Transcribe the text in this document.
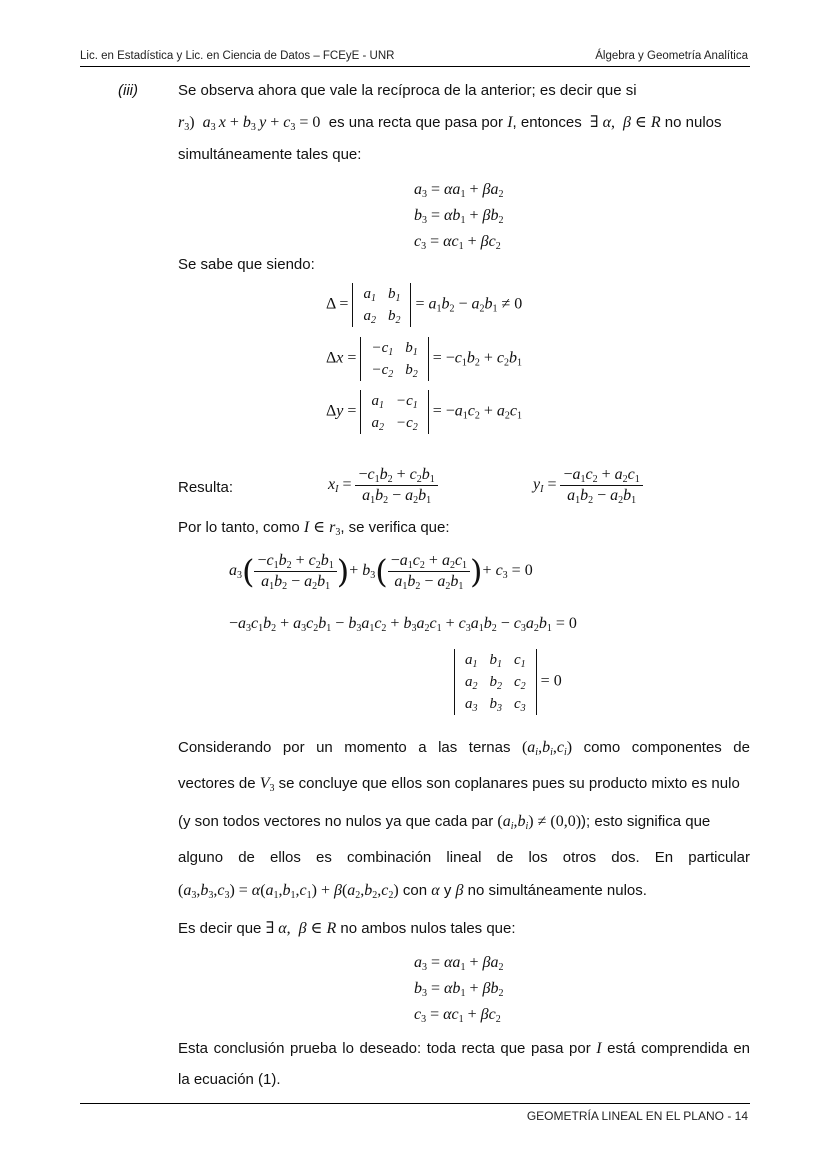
Lic. en Estadística y Lic. en Ciencia de Datos – FCEyE - UNR	Álgebra y Geometría Analítica
(iii)	Se observa ahora que vale la recíproca de la anterior; es decir que si
$r_3$)  $a_3$  $x + b_3$  $y + c_3 = 0$ es una recta que pasa por I, entonces  ∃ α,  β ∈ R no nulos
simultáneamente tales que:
$a_3 = \alpha a_1 + \beta a_2$
$b_3 = \alpha b_1 + \beta b_2$
$c_3 = \alpha c_1 + \beta c_2$
Se sabe que siendo:
Δ =
$a_1$	$b_1$
$a_2$	$b_2$
= $a_1b_2 - a_2b_1 \ne 0$
Δx =
$-c_1$	$b_1$
$-c_2$	$b_2$
= $-c_1b_2 + c_2b_1$
Δy =
$a_1$	$-c_1$
$a_2$	$-c_2$
= $-a_1c_2 + a_2c_1$
Resulta:	$x_I = \frac{-c_1b_2 + c_2b_1}{a_1b_2 - a_2b_1}$	$y_I = \frac{-a_1c_2 + a_2c_1}{a_1b_2 - a_2b_1}$
Por lo tanto, como I ∈ $r_3$, se verifica que:
$a_3( \frac{-c_1b_2 + c_2b_1}{a_1b_2 - a_2b_1}$ )+ $b_3( \frac{-a_1c_2 + a_2c_1}{a_1b_2 - a_2b_1}$ )+ $c_3 = 0$
$-a_3c_1b_2 + a_3c_2b_1 - b_3a_1c_2 + b_3a_2c_1 + c_3a_1b_2 - c_3a_2b_1 = 0$
$a_1$	$b_1$	$c_1$
$a_2$	$b_2$	$c_2$
$a_3$	$b_3$	$c_3$
= 0
Considerando por un momento a las ternas $(a_i,b_i,c_i)$ como componentes de
vectores de $V_3$ se concluye que ellos son coplanares pues su producto mixto es nulo
(y son todos vectores no nulos ya que cada par $(a_i,b_i) \ne (0,0)$); esto significa que
alguno de ellos es combinación lineal de los otros dos. En particular
$(a_3,b_3,c_3) = \alpha(a_1,b_1,c_1) + \beta(a_2,b_2,c_2)$ con α y β no simultáneamente nulos.
Es decir que ∃ α,  β ∈ R no ambos nulos tales que:
$a_3 = \alpha a_1 + \beta a_2$
$b_3 = \alpha b_1 + \beta b_2$
$c_3 = \alpha c_1 + \beta c_2$
Esta conclusión prueba lo deseado: toda recta que pasa por I está comprendida en
la ecuación (1).
GEOMETRÍA LINEAL EN EL PLANO - 14
